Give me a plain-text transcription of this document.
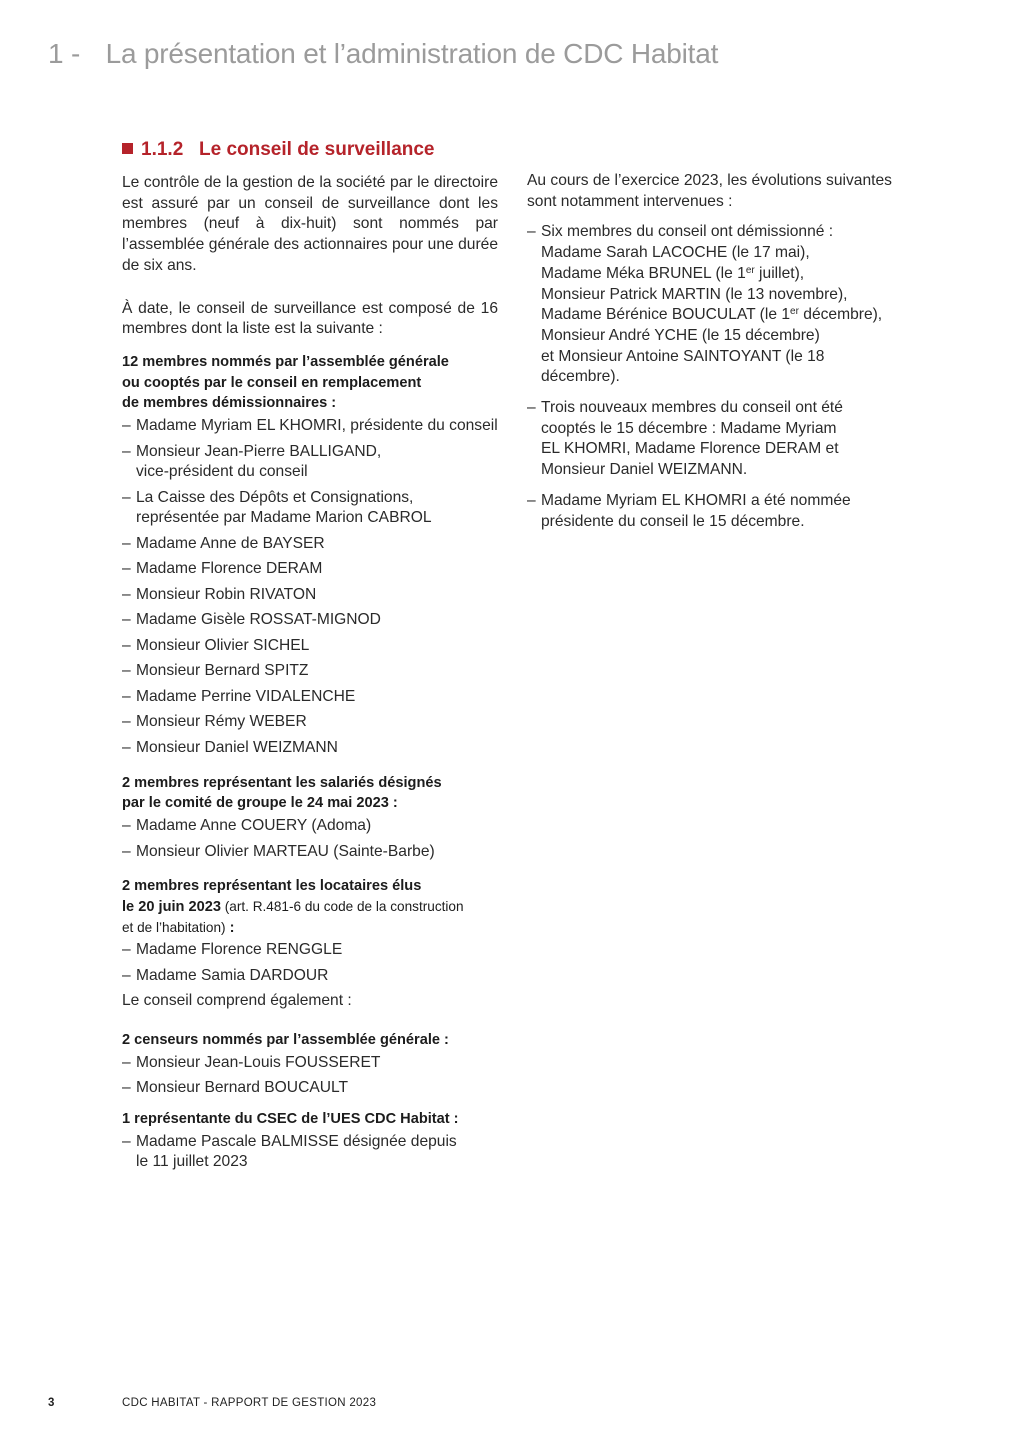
1 - La présentation et l’administration de CDC Habitat
1.1.2 Le conseil de surveillance

Le contrôle de la gestion de la société par le directoire est assuré par un conseil de surveillance dont les membres (neuf à dix-huit) sont nommés par l’assemblée générale des actionnaires pour une durée de six ans.

À date, le conseil de surveillance est composé de 16 membres dont la liste est la suivante :

12 membres nommés par l’assemblée générale
ou cooptés par le conseil en remplacement
de membres démissionnaires :

– Madame Myriam EL KHOMRI, présidente du conseil
– Monsieur Jean-Pierre BALLIGAND,
vice-président du conseil
– La Caisse des Dépôts et Consignations,
représentée par Madame Marion CABROL
– Madame Anne de BAYSER
– Madame Florence DERAM
– Monsieur Robin RIVATON
– Madame Gisèle ROSSAT-MIGNOD
– Monsieur Olivier SICHEL
– Monsieur Bernard SPITZ
– Madame Perrine VIDALENCHE
– Monsieur Rémy WEBER
– Monsieur Daniel WEIZMANN

2 membres représentant les salariés désignés
par le comité de groupe le 24 mai 2023 :

– Madame Anne COUERY (Adoma)
– Monsieur Olivier MARTEAU (Sainte-Barbe)

2 membres représentant les locataires élus
le 20 juin 2023 (art. R.481-6 du code de la construction
et de l’habitation) :

– Madame Florence RENGGLE
– Madame Samia DARDOUR

Le conseil comprend également :

2 censeurs nommés par l’assemblée générale :

– Monsieur Jean-Louis FOUSSERET
– Monsieur Bernard BOUCAULT

1 représentante du CSEC de l’UES CDC Habitat :

– Madame Pascale BALMISSE désignée depuis
le 11 juillet 2023

Au cours de l’exercice 2023, les évolutions suivantes
sont notamment intervenues :

– Six membres du conseil ont démissionné :
Madame Sarah LACOCHE (le 17 mai),
Madame Méka BRUNEL (le 1er juillet),
Monsieur Patrick MARTIN (le 13 novembre),
Madame Bérénice BOUCULAT (le 1er décembre),
Monsieur André YCHE (le 15 décembre)
et Monsieur Antoine SAINTOYANT (le 18
décembre).
– Trois nouveaux membres du conseil ont été
cooptés le 15 décembre : Madame Myriam
EL KHOMRI, Madame Florence DERAM et
Monsieur Daniel WEIZMANN.
– Madame Myriam EL KHOMRI a été nommée
présidente du conseil le 15 décembre.
3	CDC HABITAT - RAPPORT DE GESTION 2023
